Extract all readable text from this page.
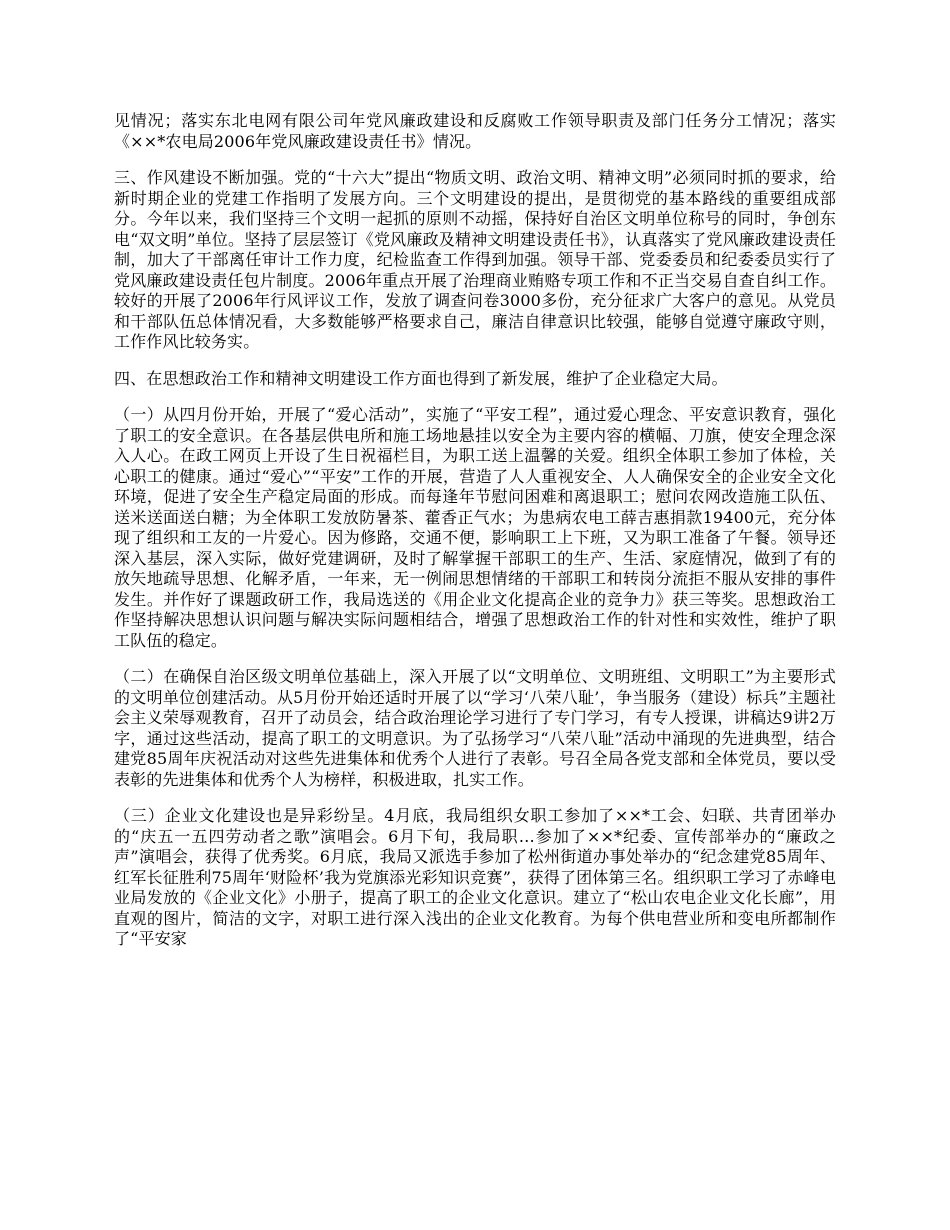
见情况；落实东北电网有限公司年党风廉政建设和反腐败工作领导职责及部门任务分工情况；落实《××*农电局2006年党风廉政建设责任书》情况。

三、作风建设不断加强。党的“十六大”提出“物质文明、政治文明、精神文明”必须同时抓的要求，给新时期企业的党建工作指明了发展方向。三个文明建设的提出，是贯彻党的基本路线的重要组成部分。今年以来，我们坚持三个文明一起抓的原则不动摇，保持好自治区文明单位称号的同时，争创东电“双文明”单位。坚持了层层签订《党风廉政及精神文明建设责任书》，认真落实了党风廉政建设责任制，加大了干部离任审计工作力度，纪检监查工作得到加强。领导干部、党委委员和纪委委员实行了党风廉政建设责任包片制度。2006年重点开展了治理商业贿赂专项工作和不正当交易自查自纠工作。较好的开展了2006年行风评议工作，发放了调查问卷3000多份，充分征求广大客户的意见。从党员和干部队伍总体情况看，大多数能够严格要求自己，廉洁自律意识比较强，能够自觉遵守廉政守则，工作作风比较务实。

四、在思想政治工作和精神文明建设工作方面也得到了新发展，维护了企业稳定大局。

（一）从四月份开始，开展了“爱心活动”，实施了“平安工程”，通过爱心理念、平安意识教育，强化了职工的安全意识。在各基层供电所和施工场地悬挂以安全为主要内容的横幅、刀旗，使安全理念深入人心。在政工网页上开设了生日祝福栏目，为职工送上温馨的关爱。组织全体职工参加了体检，关心职工的健康。通过“爱心”“平安”工作的开展，营造了人人重视安全、人人确保安全的企业安全文化环境，促进了安全生产稳定局面的形成。而每逢年节慰问困难和离退职工；慰问农网改造施工队伍、送米送面送白糖；为全体职工发放防暑茶、藿香正气水；为患病农电工薛吉惠捐款19400元，充分体现了组织和工友的一片爱心。因为修路，交通不便，影响职工上下班，又为职工准备了午餐。领导还深入基层，深入实际，做好党建调研，及时了解掌握干部职工的生产、生活、家庭情况，做到了有的放矢地疏导思想、化解矛盾，一年来，无一例闹思想情绪的干部职工和转岗分流拒不服从安排的事件发生。并作好了课题政研工作，我局选送的《用企业文化提高企业的竞争力》获三等奖。思想政治工作坚持解决思想认识问题与解决实际问题相结合，增强了思想政治工作的针对性和实效性，维护了职工队伍的稳定。

（二）在确保自治区级文明单位基础上，深入开展了以“文明单位、文明班组、文明职工”为主要形式的文明单位创建活动。从5月份开始还适时开展了以“学习‘八荣八耻’，争当服务（建设）标兵”主题社会主义荣辱观教育，召开了动员会，结合政治理论学习进行了专门学习，有专人授课，讲稿达9讲2万字，通过这些活动，提高了职工的文明意识。为了弘扬学习“八荣八耻”活动中涌现的先进典型，结合建党85周年庆祝活动对这些先进集体和优秀个人进行了表彰。号召全局各党支部和全体党员，要以受表彰的先进集体和优秀个人为榜样，积极进取，扎实工作。

（三）企业文化建设也是异彩纷呈。4月底，我局组织女职工参加了××*工会、妇联、共青团举办的“庆五一五四劳动者之歌”演唱会。6月下旬，我局职…参加了××*纪委、宣传部举办的“廉政之声”演唱会，获得了优秀奖。6月底，我局又派选手参加了松州街道办事处举办的“纪念建党85周年、红军长征胜利75周年‘财险杯’我为党旗添光彩知识竞赛”，获得了团体第三名。组织职工学习了赤峰电业局发放的《企业文化》小册子，提高了职工的企业文化意识。建立了“松山农电企业文化长廊”，用直观的图片，简洁的文字，对职工进行深入浅出的企业文化教育。为每个供电营业所和变电所都制作了“平安家
